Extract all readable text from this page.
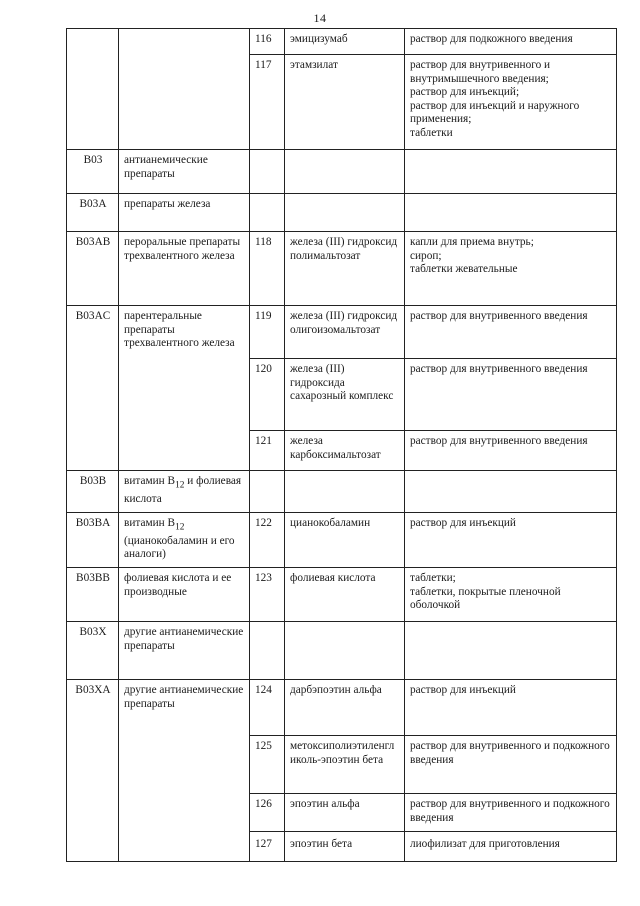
14
		116	эмицизумаб	раствор для подкожного введения
		117	этамзилат	раствор для внутривенного и внутримышечного введения;
раствор для инъекций;
раствор для инъекций и наружного применения;
таблетки
B03	антианемические препараты			
B03A	препараты железа			
B03AB	пероральные препараты трехвалентного железа	118	железа (III) гидроксид полимальтозат	капли для приема внутрь;
сироп;
таблетки жевательные
B03AC	парентеральные препараты трехвалентного железа	119	железа (III) гидроксид олигоизомальтозат	раствор для внутривенного введения
		120	железа (III) гидроксида сахарозный комплекс	раствор для внутривенного введения
		121	железа карбоксимальтозат	раствор для внутривенного введения
B03B	витамин $B_{12}$ и фолиевая кислота			
B03BA	витамин $B_{12}$ (цианокобаламин и его аналоги)	122	цианокобаламин	раствор для инъекций
B03BB	фолиевая кислота и ее производные	123	фолиевая кислота	таблетки;
таблетки, покрытые пленочной оболочкой
B03X	другие антианемические препараты			
B03XA	другие антианемические препараты	124	дарбэпоэтин альфа	раствор для инъекций
		125	метоксиполиэтиленгликоль-эпоэтин бета	раствор для внутривенного и подкожного введения
		126	эпоэтин альфа	раствор для внутривенного и подкожного введения
		127	эпоэтин бета	лиофилизат для приготовления
